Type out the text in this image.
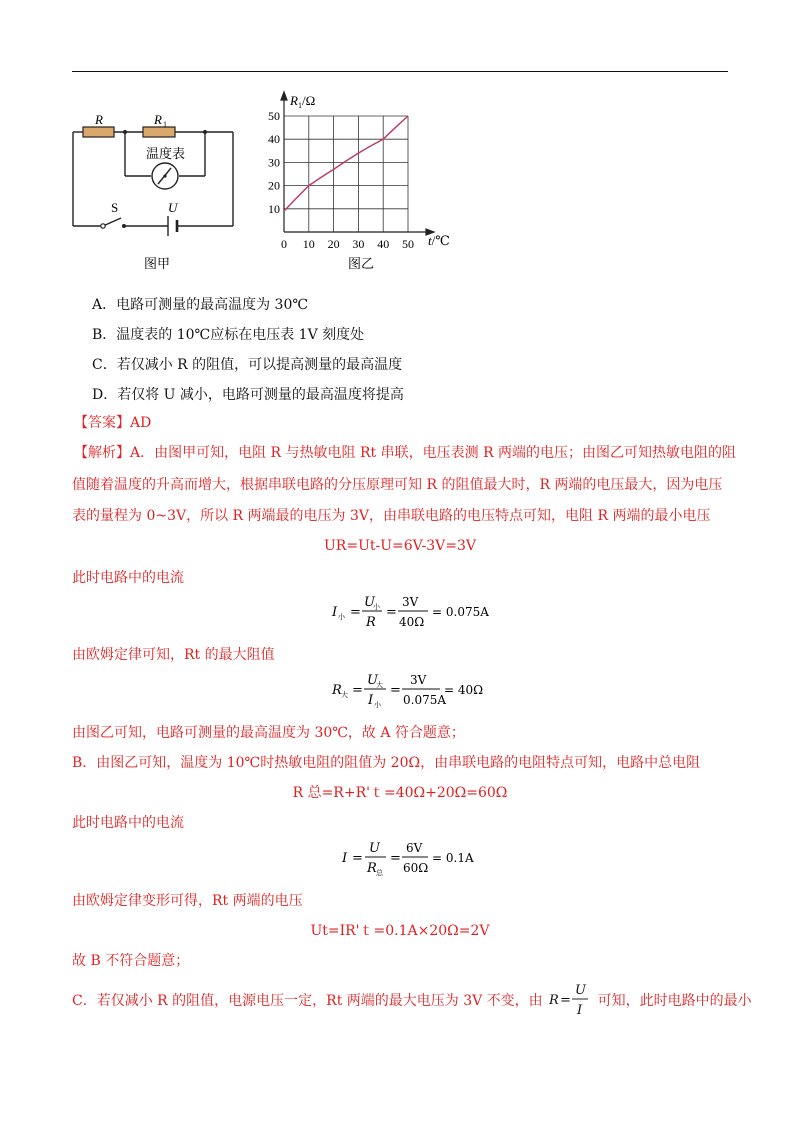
R	R 1
温度表
S	U
图甲
10
20
30
40
50
0 10 20 30 40 50
$R_1/\Omega$
t/℃
图乙
A．电路可测量的最高温度为 30℃
B．温度表的 10℃应标在电压表 1V 刻度处
C．若仅减小 R 的阻值，可以提高测量的最高温度
D．若仅将 U 减小，电路可测量的最高温度将提高
【答案】AD
【解析】A．由图甲可知，电阻 R 与热敏电阻 Rt 串联，电压表测 R 两端的电压；由图乙可知热敏电阻的阻
值随着温度的升高而增大，根据串联电路的分压原理可知 R 的阻值最大时，R 两端的电压最大，因为电压
表的量程为 0~3V，所以 R 两端最的电压为 3V，由串联电路的电压特点可知，电阻 R 两端的最小电压
UR=Ut-U=6V-3V=3V
此时电路中的电流
I 小 =
U
小
R
=
3V
40Ω
= 0.075A
由欧姆定律可知，Rt 的最大阻值
R 大 =
U
大
I 小
=
3V
0.075A
= 40Ω
由图乙可知，电路可测量的最高温度为 30℃，故 A 符合题意；
B．由图乙可知，温度为 10℃时热敏电阻的阻值为 20Ω，由串联电路的电阻特点可知，电路中总电阻
R 总=R+R'ｔ=40Ω+20Ω=60Ω
此时电路中的电流
I =
U
R 总
=
6V
60Ω
= 0.1A
由欧姆定律变形可得，Rt 两端的电压
Ut=IR'ｔ=0.1A×20Ω=2V
故 B 不符合题意；
C．若仅减小 R 的阻值，电源电压一定，Rt 两端的最大电压为 3V 不变，由 R =
U
I
可知，此时电路中的最小
